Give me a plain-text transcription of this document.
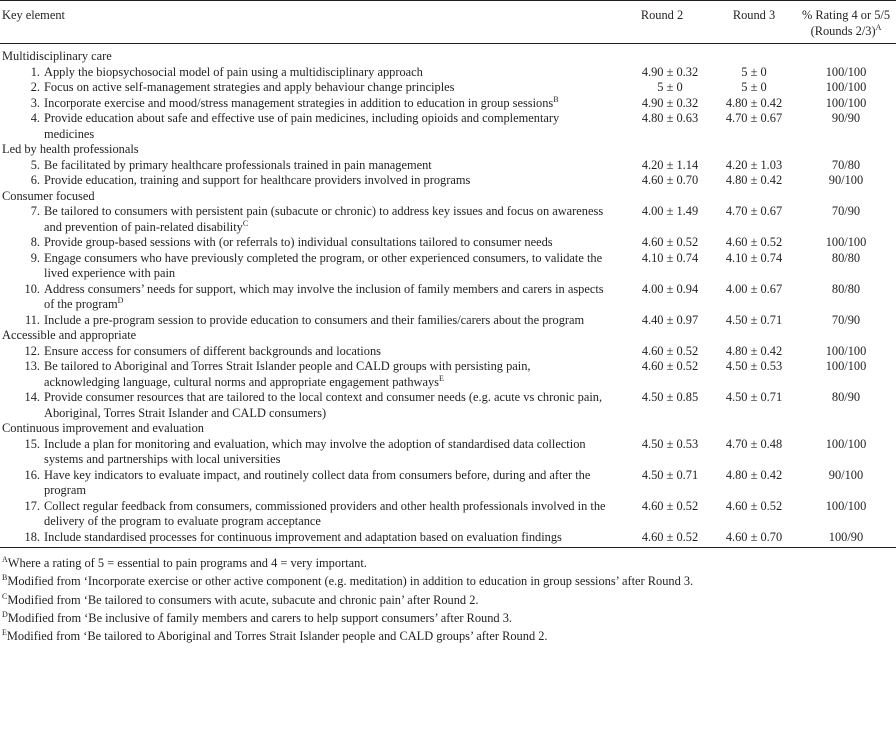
Key element	Round 2	Round 3	% Rating 4 or 5/5
(Rounds 2/3)$^A$

Multidisciplinary care			

1. Apply the biopsychosocial model of pain using a multidisciplinary approach	4.90 ± 0.32	5 ± 0	100/100

2. Focus on active self-management strategies and apply behaviour change principles	5 ± 0	5 ± 0	100/100

3. Incorporate exercise and mood/stress management strategies in addition to education in group sessions$^B$	4.90 ± 0.32	4.80 ± 0.42	100/100

4. Provide education about safe and effective use of pain medicines, including opioids and complementary medicines	4.80 ± 0.63	4.70 ± 0.67	90/90
Led by health professionals			

5. Be facilitated by primary healthcare professionals trained in pain management	4.20 ± 1.14	4.20 ± 1.03	70/80

6. Provide education, training and support for healthcare providers involved in programs	4.60 ± 0.70	4.80 ± 0.42	90/100
Consumer focused			

7. Be tailored to consumers with persistent pain (subacute or chronic) to address key issues and focus on awareness and prevention of pain-related disability$^C$	4.00 ± 1.49	4.70 ± 0.67	70/90

8. Provide group-based sessions with (or referrals to) individual consultations tailored to consumer needs	4.60 ± 0.52	4.60 ± 0.52	100/100

9. Engage consumers who have previously completed the program, or other experienced consumers, to validate the lived experience with pain	4.10 ± 0.74	4.10 ± 0.74	80/80

10. Address consumers’ needs for support, which may involve the inclusion of family members and carers in aspects of the program$^D$	4.00 ± 0.94	4.00 ± 0.67	80/80

11. Include a pre-program session to provide education to consumers and their families/carers about the program	4.40 ± 0.97	4.50 ± 0.71	70/90
Accessible and appropriate			

12. Ensure access for consumers of different backgrounds and locations	4.60 ± 0.52	4.80 ± 0.42	100/100

13. Be tailored to Aboriginal and Torres Strait Islander people and CALD groups with persisting pain, acknowledging language, cultural norms and appropriate engagement pathways$^E$	4.60 ± 0.52	4.50 ± 0.53	100/100

14. Provide consumer resources that are tailored to the local context and consumer needs (e.g. acute vs chronic pain, Aboriginal, Torres Strait Islander and CALD consumers)	4.50 ± 0.85	4.50 ± 0.71	80/90
Continuous improvement and evaluation			

15. Include a plan for monitoring and evaluation, which may involve the adoption of standardised data collection systems and partnerships with local universities	4.50 ± 0.53	4.70 ± 0.48	100/100

16. Have key indicators to evaluate impact, and routinely collect data from consumers before, during and after the program	4.50 ± 0.71	4.80 ± 0.42	90/100

17. Collect regular feedback from consumers, commissioned providers and other health professionals involved in the delivery of the program to evaluate program acceptance	4.60 ± 0.52	4.60 ± 0.52	100/100

18. Include standardised processes for continuous improvement and adaptation based on evaluation findings	4.60 ± 0.52	4.60 ± 0.70	100/90
$^A$Where a rating of 5 = essential to pain programs and 4 = very important.
$^B$Modified from ‘Incorporate exercise or other active component (e.g. meditation) in addition to education in group sessions’ after Round 3.
$^C$Modified from ‘Be tailored to consumers with acute, subacute and chronic pain’ after Round 2.
$^D$Modified from ‘Be inclusive of family members and carers to help support consumers’ after Round 3.
$^E$Modified from ‘Be tailored to Aboriginal and Torres Strait Islander people and CALD groups’ after Round 2.
